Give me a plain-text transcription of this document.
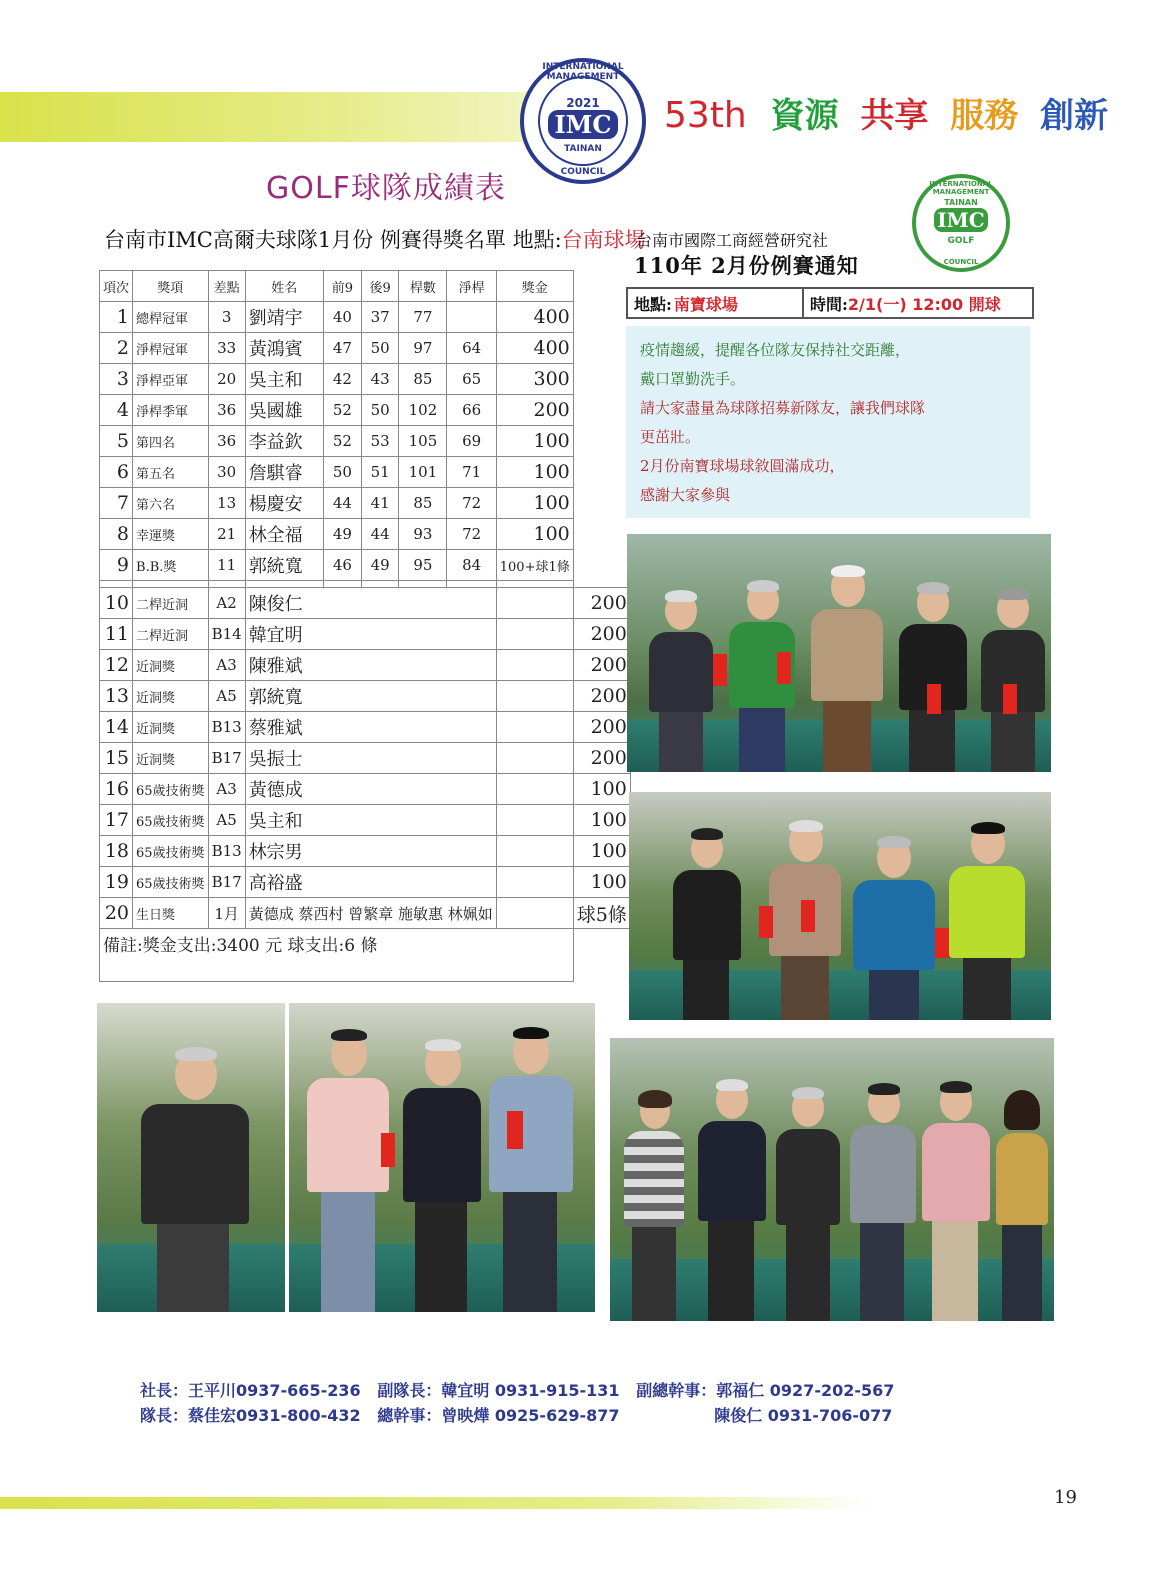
INTERNATIONAL MANAGEMENT
2021
IMC
TAINAN
COUNCIL
53th 資源 共享 服務 創新
GOLF球隊成績表
台南市IMC高爾夫球隊1月份 例賽得獎名單 地點:台南球場
項次	獎項	差點	姓名	前9	後9	桿數	淨桿	獎金	
1	總桿冠軍	3	劉靖宇	40	37	77		400	
2	淨桿冠軍	33	黃鴻賓	47	50	97	64	400	
3	淨桿亞軍	20	吳主和	42	43	85	65	300	
4	淨桿季軍	36	吳國雄	52	50	102	66	200	
5	第四名	36	李益欽	52	53	105	69	100	
6	第五名	30	詹騏睿	50	51	101	71	100	
7	第六名	13	楊慶安	44	41	85	72	100	
8	幸運獎	21	林全福	49	44	93	72	100	
9	B.B.獎	11	郭統寬	46	49	95	84	100+球1條	

10	二桿近洞	A2	陳俊仁						200
11	二桿近洞	B14	韓宜明						200
12	近洞獎	A3	陳雅斌						200
13	近洞獎	A5	郭統寬						200
14	近洞獎	B13	蔡雅斌						200
15	近洞獎	B17	吳振士						200
16	65歲技術獎	A3	黃德成						100
17	65歲技術獎	A5	吳主和						100
18	65歲技術獎	B13	林宗男						100
19	65歲技術獎	B17	高裕盛						100
20	生日獎	1月	黃德成 蔡西村 曾繁章 施敏惠 林姵如						球5條
備註:獎金支出:3400 元 球支出:6 條									
台南市國際工商經營研究社
110年 2月份例賽通知
INTERNATIONAL MANAGEMENT
TAINAN
IMC
GOLF
COUNCIL
地點: 南寶球場	時間: 2/1(一) 12:00 開球

疫情趨緩，提醒各位隊友保持社交距離，

戴口罩勤洗手。

請大家盡量為球隊招募新隊友，讓我們球隊

更茁壯。

2月份南寶球場球敘圓滿成功，

感謝大家參與

社長：王平川0937-665-236   副隊長：韓宜明 0931-915-131   副總幹事：郭福仁 0927-202-567
隊長：蔡佳宏0931-800-432   總幹事：曾映燁 0925-629-877                 陳俊仁 0931-706-077
19
